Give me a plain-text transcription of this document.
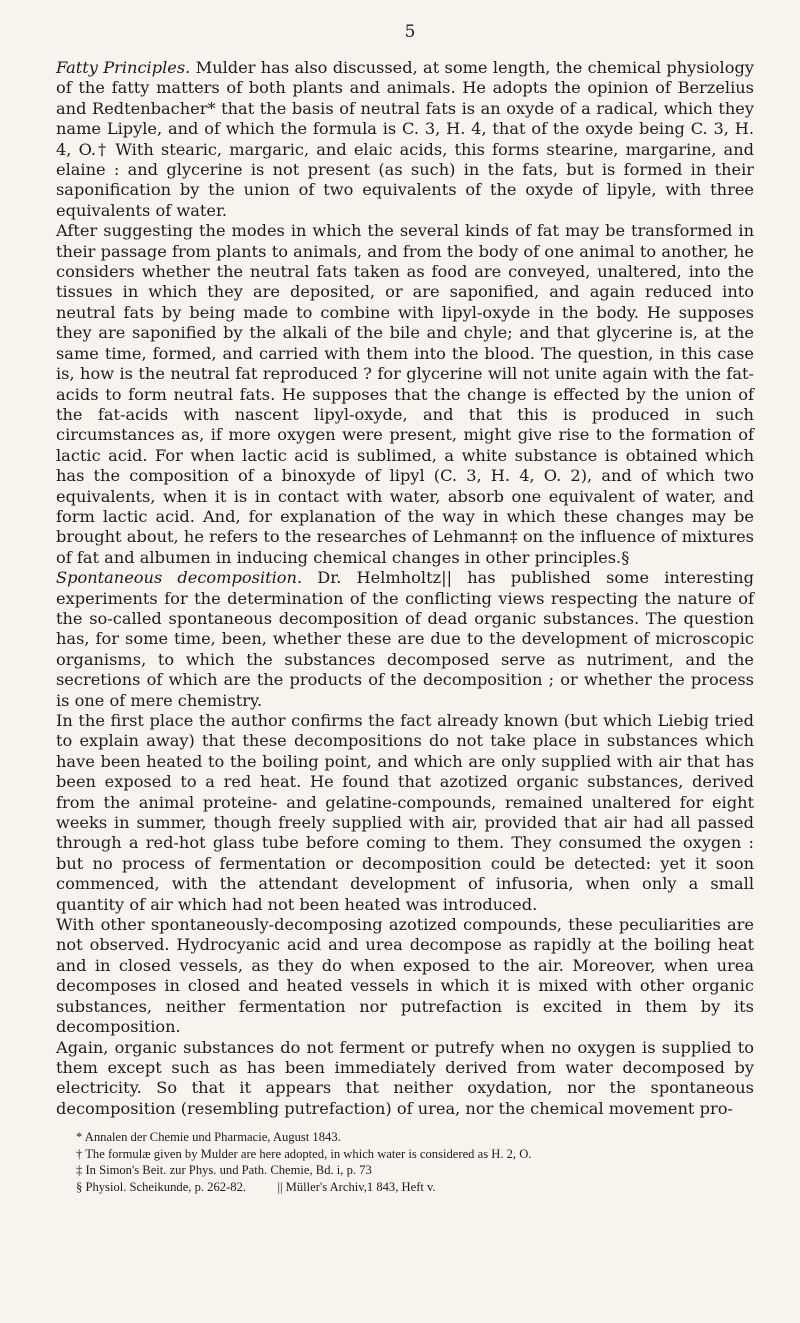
5

Fatty Principles. Mulder has also discussed, at some length, the chemical physiology of the fatty matters of both plants and animals. He adopts the opinion of Berzelius and Redtenbacher* that the basis of neutral fats is an oxyde of a radical, which they name Lipyle, and of which the formula is C. 3, H. 4, that of the oxyde being C. 3, H. 4, O.† With stearic, margaric, and elaic acids, this forms stearine, margarine, and elaine : and glycerine is not present (as such) in the fats, but is formed in their saponification by the union of two equivalents of the oxyde of lipyle, with three equivalents of water.

After suggesting the modes in which the several kinds of fat may be transformed in their passage from plants to animals, and from the body of one animal to another, he considers whether the neutral fats taken as food are conveyed, unaltered, into the tissues in which they are deposited, or are saponified, and again reduced into neutral fats by being made to combine with lipyl-oxyde in the body. He supposes they are saponified by the alkali of the bile and chyle; and that glycerine is, at the same time, formed, and carried with them into the blood. The question, in this case is, how is the neutral fat reproduced ? for glycerine will not unite again with the fat-acids to form neutral fats. He supposes that the change is effected by the union of the fat-acids with nascent lipyl-oxyde, and that this is produced in such circumstances as, if more oxygen were present, might give rise to the formation of lactic acid. For when lactic acid is sublimed, a white substance is obtained which has the composition of a binoxyde of lipyl (C. 3, H. 4, O. 2), and of which two equivalents, when it is in contact with water, absorb one equivalent of water, and form lactic acid. And, for explanation of the way in which these changes may be brought about, he refers to the researches of Lehmann‡ on the influence of mixtures of fat and albumen in inducing chemical changes in other principles.§

Spontaneous decomposition. Dr. Helmholtz|| has published some interesting experiments for the determination of the conflicting views respecting the nature of the so-called spontaneous decomposition of dead organic substances. The question has, for some time, been, whether these are due to the development of microscopic organisms, to which the substances decomposed serve as nutriment, and the secretions of which are the products of the decomposition ; or whether the process is one of mere chemistry.

In the first place the author confirms the fact already known (but which Liebig tried to explain away) that these decompositions do not take place in substances which have been heated to the boiling point, and which are only supplied with air that has been exposed to a red heat. He found that azotized organic substances, derived from the animal proteine- and gelatine-compounds, remained unaltered for eight weeks in summer, though freely supplied with air, provided that air had all passed through a red-hot glass tube before coming to them. They consumed the oxygen : but no process of fermentation or decomposition could be detected: yet it soon commenced, with the attendant development of infusoria, when only a small quantity of air which had not been heated was introduced.

With other spontaneously-decomposing azotized compounds, these peculiarities are not observed. Hydrocyanic acid and urea decompose as rapidly at the boiling heat and in closed vessels, as they do when exposed to the air. Moreover, when urea decomposes in closed and heated vessels in which it is mixed with other organic substances, neither fermentation nor putrefaction is excited in them by its decomposition.

Again, organic substances do not ferment or putrefy when no oxygen is supplied to them except such as has been immediately derived from water decomposed by electricity. So that it appears that neither oxydation, nor the spontaneous decomposition (resembling putrefaction) of urea, nor the chemical movement pro-

* Annalen der Chemie und Pharmacie, August 1843.
† The formulæ given by Mulder are here adopted, in which water is considered as H. 2, O.
‡ In Simon's Beit. zur Phys. und Path. Chemie, Bd. i, p. 73
§ Physiol. Scheikunde, p. 262-82.          || Müller's Archiv,1 843, Heft v.
